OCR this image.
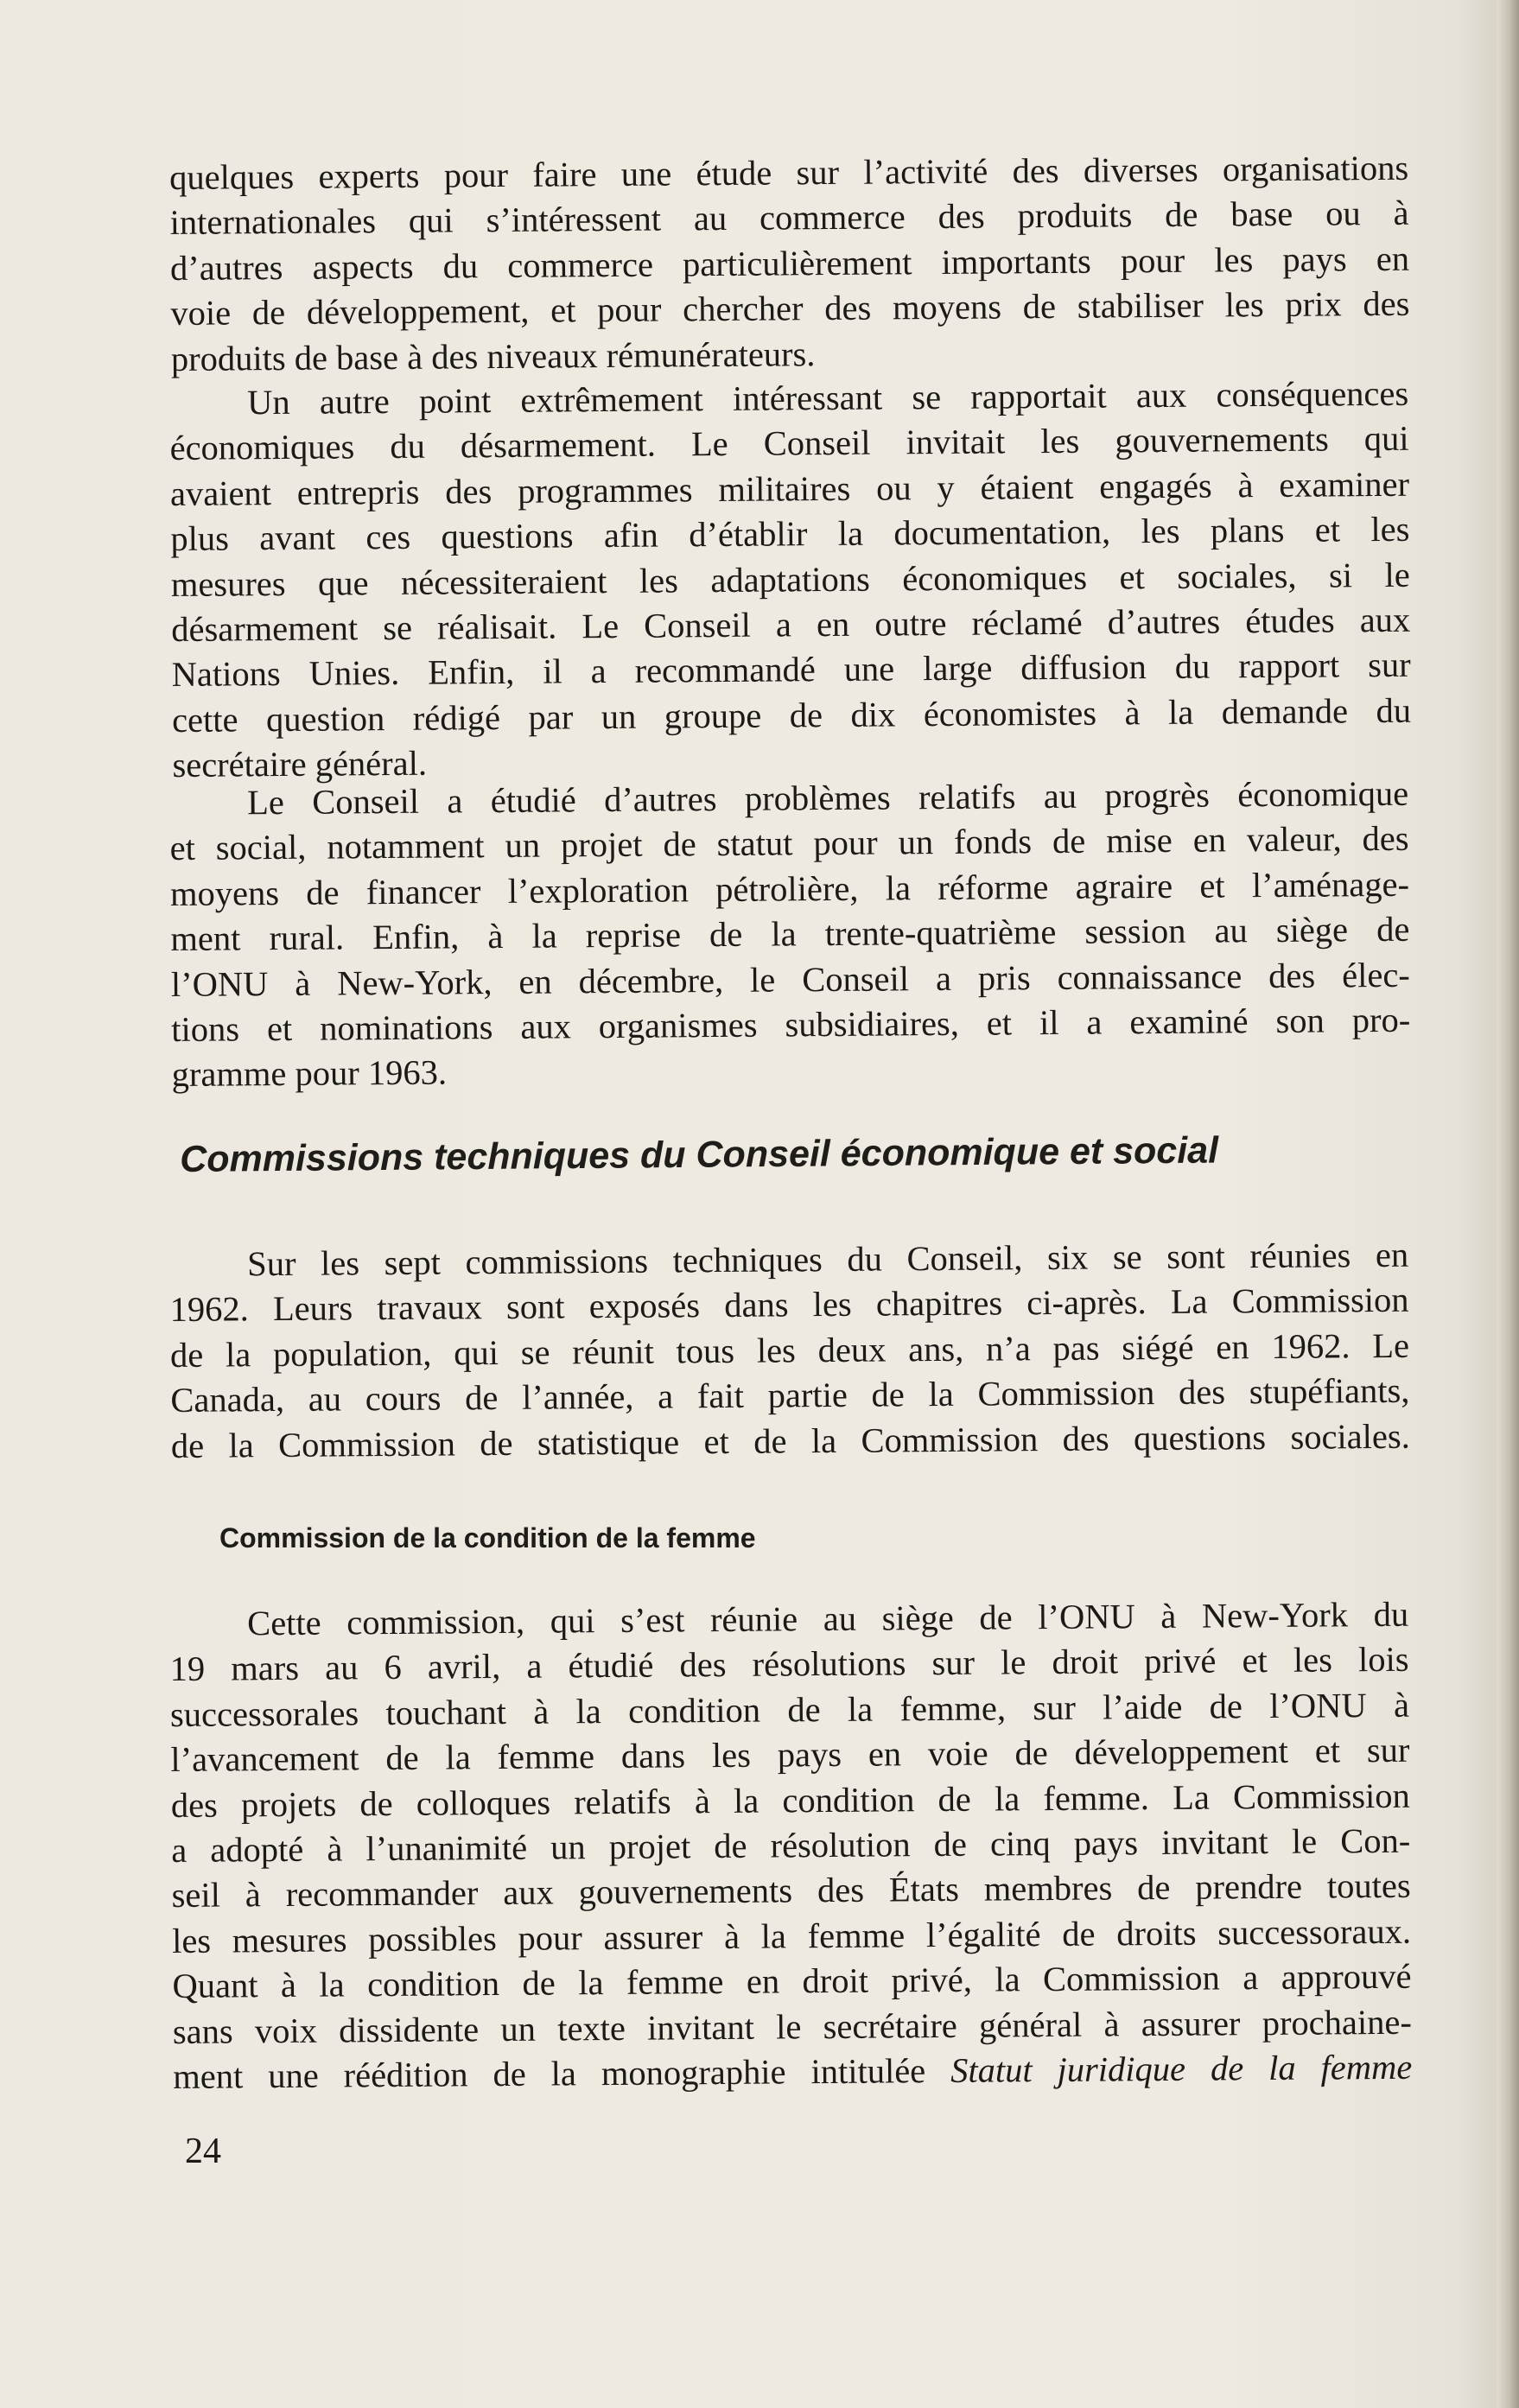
quelques experts pour faire une étude sur l’activité des diverses organisations
internationales qui s’intéressent au commerce des produits de base ou à
d’autres aspects du commerce particulièrement importants pour les pays en
voie de développement, et pour chercher des moyens de stabiliser les prix des
produits de base à des niveaux rémunérateurs.

Un autre point extrêmement intéressant se rapportait aux conséquences
économiques du désarmement. Le Conseil invitait les gouvernements qui
avaient entrepris des programmes militaires ou y étaient engagés à examiner
plus avant ces questions afin d’établir la documentation, les plans et les
mesures que nécessiteraient les adaptations économiques et sociales, si le
désarmement se réalisait. Le Conseil a en outre réclamé d’autres études aux
Nations Unies. Enfin, il a recommandé une large diffusion du rapport sur
cette question rédigé par un groupe de dix économistes à la demande du
secrétaire général.

Le Conseil a étudié d’autres problèmes relatifs au progrès économique
et social, notamment un projet de statut pour un fonds de mise en valeur, des
moyens de financer l’exploration pétrolière, la réforme agraire et l’aménage-
ment rural. Enfin, à la reprise de la trente-quatrième session au siège de
l’ONU à New-York, en décembre, le Conseil a pris connaissance des élec-
tions et nominations aux organismes subsidiaires, et il a examiné son pro-
gramme pour 1963.

Commissions techniques du Conseil économique et social

Sur les sept commissions techniques du Conseil, six se sont réunies en
1962. Leurs travaux sont exposés dans les chapitres ci-après. La Commission
de la population, qui se réunit tous les deux ans, n’a pas siégé en 1962. Le
Canada, au cours de l’année, a fait partie de la Commission des stupéfiants,
de la Commission de statistique et de la Commission des questions sociales.

Commission de la condition de la femme

Cette commission, qui s’est réunie au siège de l’ONU à New-York du
19 mars au 6 avril, a étudié des résolutions sur le droit privé et les lois
successorales touchant à la condition de la femme, sur l’aide de l’ONU à
l’avancement de la femme dans les pays en voie de développement et sur
des projets de colloques relatifs à la condition de la femme. La Commission
a adopté à l’unanimité un projet de résolution de cinq pays invitant le Con-
seil à recommander aux gouvernements des États membres de prendre toutes
les mesures possibles pour assurer à la femme l’égalité de droits successoraux.
Quant à la condition de la femme en droit privé, la Commission a approuvé
sans voix dissidente un texte invitant le secrétaire général à assurer prochaine-
ment une réédition de la monographie intitulée Statut juridique de la femme

24
